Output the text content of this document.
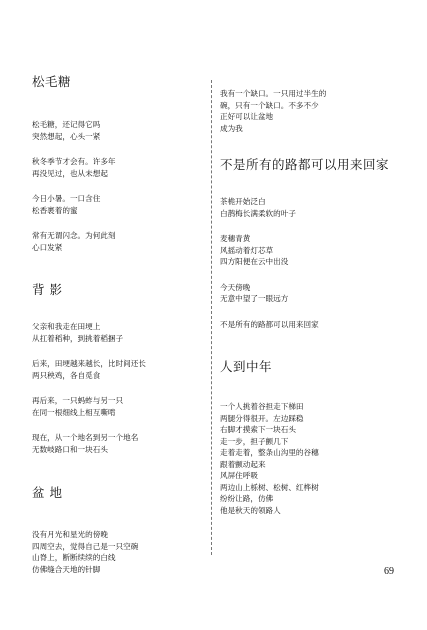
松毛糖
松毛糖，还记得它吗
突然想起，心头一紧
秋冬季节才会有。许多年
再没见过，也从未想起
今日小暑。一口含住
松香裹着的蜜
常有无谓闪念。为何此刻
心口发紧
背 影
父亲和我走在田埂上
从扛着稻种，到挑着稻捆子
后来，田埂越来越长，比时间还长
两只秧鸡，各自觅食
再后来，一只蚂蚱与另一只
在同一根细线上相互嘶啃
现在，从一个地名到另一个地名
无数岐路口和一块石头
盆 地
没有月光和星光的傍晚
四周空去，觉得自己是一只空碗
山脊上，断断续续的白线
仿佛缝合天地的针脚
我有一个缺口。一只用过半生的
碗，只有一个缺口。不多不少
正好可以让盆地
成为我
不是所有的路都可以用来回家
茶桅开始泛白
白鹊梅长满柔软的叶子
麦穗青黄
风摇动着灯芯草
四方阳便在云中出没
今天傍晚
无意中望了一眼远方
不是所有的路都可以用来回家
人到中年
一个人挑着谷担走下梯田
两腿分得很开。左边踩稳
右脚才摸索下一块石头
走一步，担子颤几下
走着走着，整条山沟里的谷穗
跟着颤动起来
风屏住呼吸
两边山上栎树、松树、红桦树
纷纷让路，仿佛
他是秋天的领路人
69
